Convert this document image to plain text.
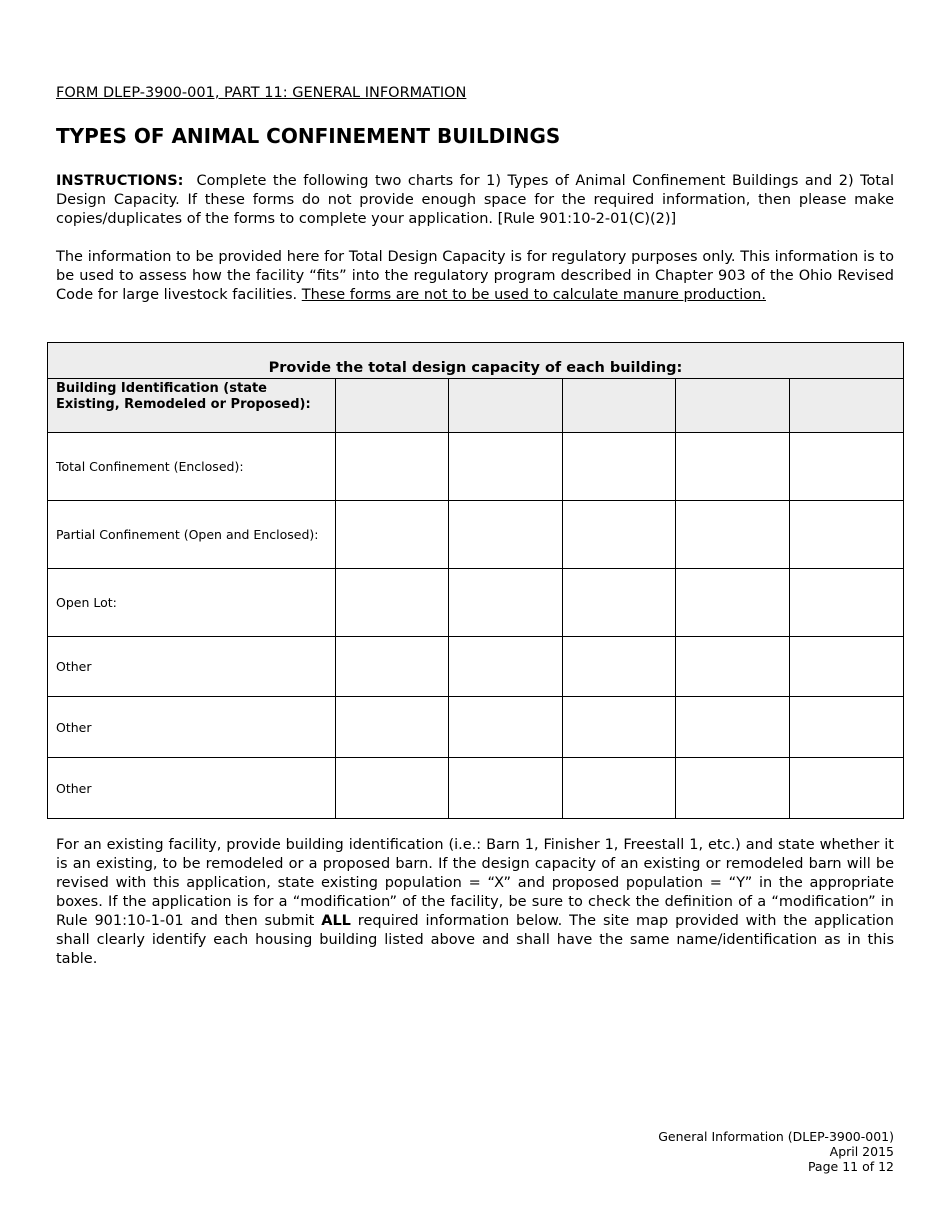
FORM DLEP-3900-001, PART 11: GENERAL INFORMATION
TYPES OF ANIMAL CONFINEMENT BUILDINGS

INSTRUCTIONS: Complete the following two charts for 1) Types of Animal Confinement Buildings and 2) Total Design Capacity. If these forms do not provide enough space for the required information, then please make copies/duplicates of the forms to complete your application. [Rule 901:10-2-01(C)(2)]

The information to be provided here for Total Design Capacity is for regulatory purposes only. This information is to be used to assess how the facility “fits” into the regulatory program described in Chapter 903 of the Ohio Revised Code for large livestock facilities. These forms are not to be used to calculate manure production.

Provide the total design capacity of each building:					
Building Identification (state Existing, Remodeled or Proposed):					
Total Confinement (Enclosed):					
Partial Confinement (Open and Enclosed):					
Open Lot:					
Other					
Other					
Other					

For an existing facility, provide building identification (i.e.: Barn 1, Finisher 1, Freestall 1, etc.) and state whether it is an existing, to be remodeled or a proposed barn. If the design capacity of an existing or remodeled barn will be revised with this application, state existing population = “X” and proposed population = “Y” in the appropriate boxes. If the application is for a “modification” of the facility, be sure to check the definition of a “modification” in Rule 901:10-1-01 and then submit ALL required information below. The site map provided with the application shall clearly identify each housing building listed above and shall have the same name/identification as in this table.

General Information (DLEP-3900-001)
April 2015
Page 11 of 12
